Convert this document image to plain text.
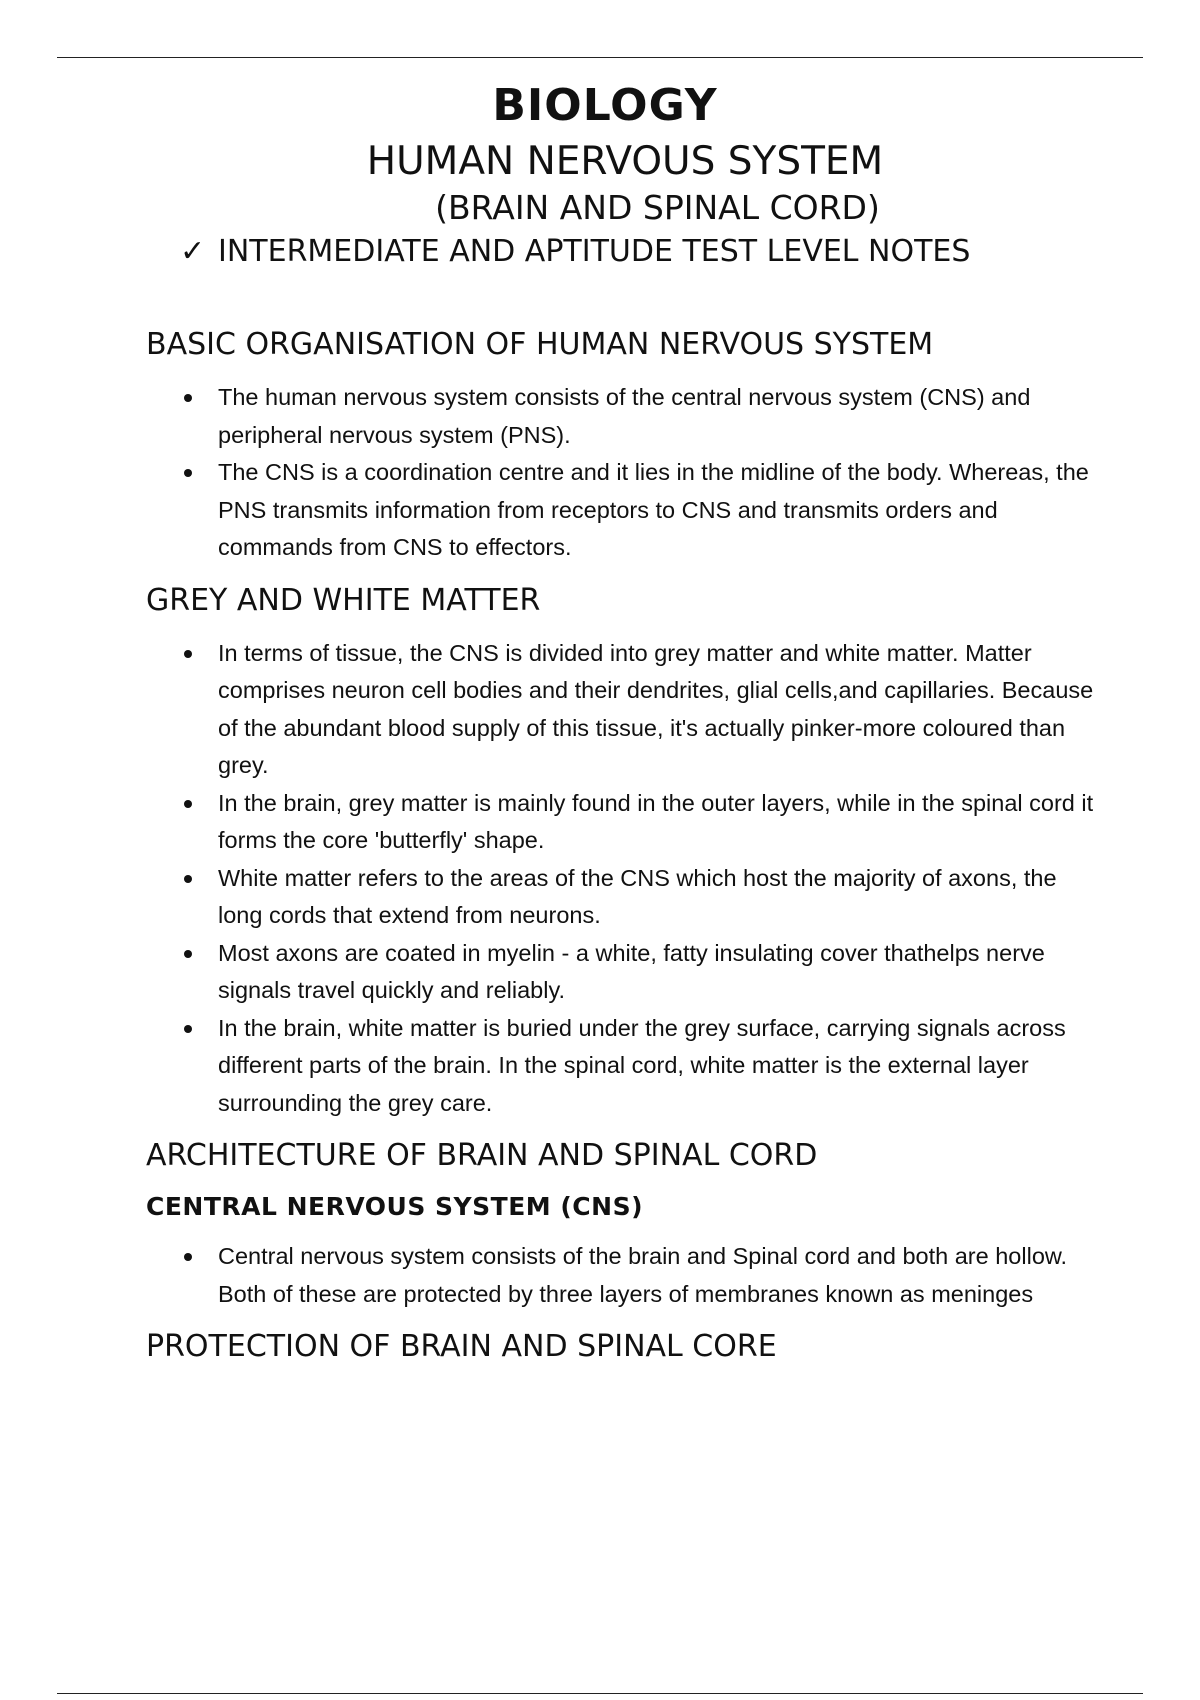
BIOLOGY
HUMAN NERVOUS SYSTEM
(BRAIN AND SPINAL CORD)
✓ INTERMEDIATE AND APTITUDE TEST LEVEL NOTES
BASIC ORGANISATION OF HUMAN NERVOUS SYSTEM
The human nervous system consists of the central nervous system (CNS) and peripheral nervous system (PNS).
The CNS is a coordination centre and it lies in the midline of the body. Whereas, the PNS transmits information from receptors to CNS and transmits orders and commands from CNS to effectors.
GREY AND WHITE MATTER
In terms of tissue, the CNS is divided into grey matter and white matter. Matter comprises neuron cell bodies and their dendrites, glial cells,and capillaries. Because of the abundant blood supply of this tissue, it's actually pinker-more coloured than grey.
In the brain, grey matter is mainly found in the outer layers, while in the spinal cord it forms the core 'butterfly' shape.
White matter refers to the areas of the CNS which host the majority of axons, the long cords that extend from neurons.
Most axons are coated in myelin - a white, fatty insulating cover thathelps nerve signals travel quickly and reliably.
In the brain, white matter is buried under the grey surface, carrying signals across different parts of the brain. In the spinal cord, white matter is the external layer surrounding the grey care.
ARCHITECTURE OF BRAIN AND SPINAL CORD
CENTRAL NERVOUS SYSTEM (CNS)
Central nervous system consists of the brain and Spinal cord and both are hollow. Both of these are protected by three layers of membranes known as meninges
PROTECTION OF BRAIN AND SPINAL CORE
